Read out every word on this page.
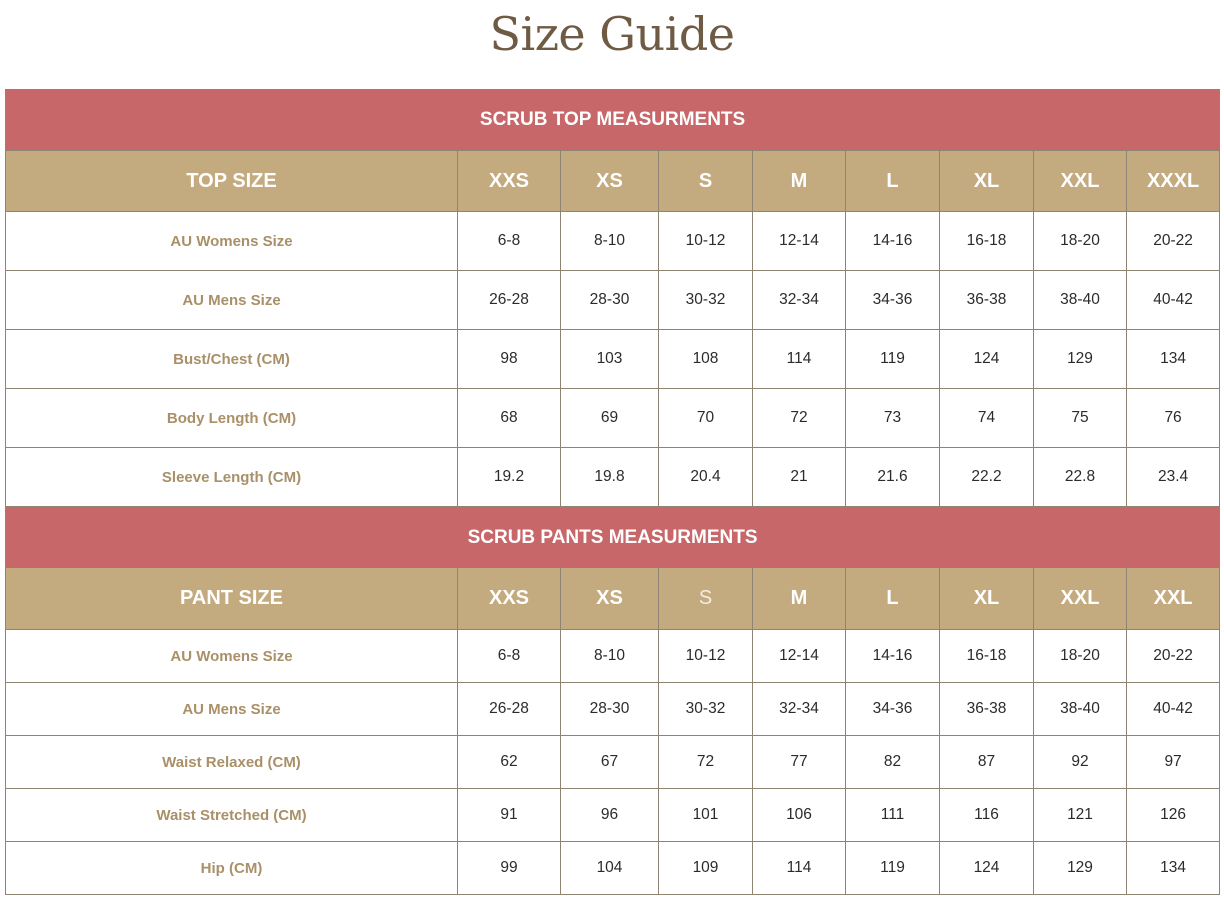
Size Guide
SCRUB TOP MEASURMENTS								
TOP SIZE	XXS	XS	S	M	L	XL	XXL	XXXL
AU Womens Size	6-8	8-10	10-12	12-14	14-16	16-18	18-20	20-22
AU Mens Size	26-28	28-30	30-32	32-34	34-36	36-38	38-40	40-42
Bust/Chest (CM)	98	103	108	114	119	124	129	134
Body Length (CM)	68	69	70	72	73	74	75	76
Sleeve Length (CM)	19.2	19.8	20.4	21	21.6	22.2	22.8	23.4
SCRUB PANTS MEASURMENTS								
PANT SIZE	XXS	XS	S	M	L	XL	XXL	XXL
AU Womens Size	6-8	8-10	10-12	12-14	14-16	16-18	18-20	20-22
AU Mens Size	26-28	28-30	30-32	32-34	34-36	36-38	38-40	40-42
Waist Relaxed (CM)	62	67	72	77	82	87	92	97
Waist Stretched (CM)	91	96	101	106	111	116	121	126
Hip (CM)	99	104	109	114	119	124	129	134
